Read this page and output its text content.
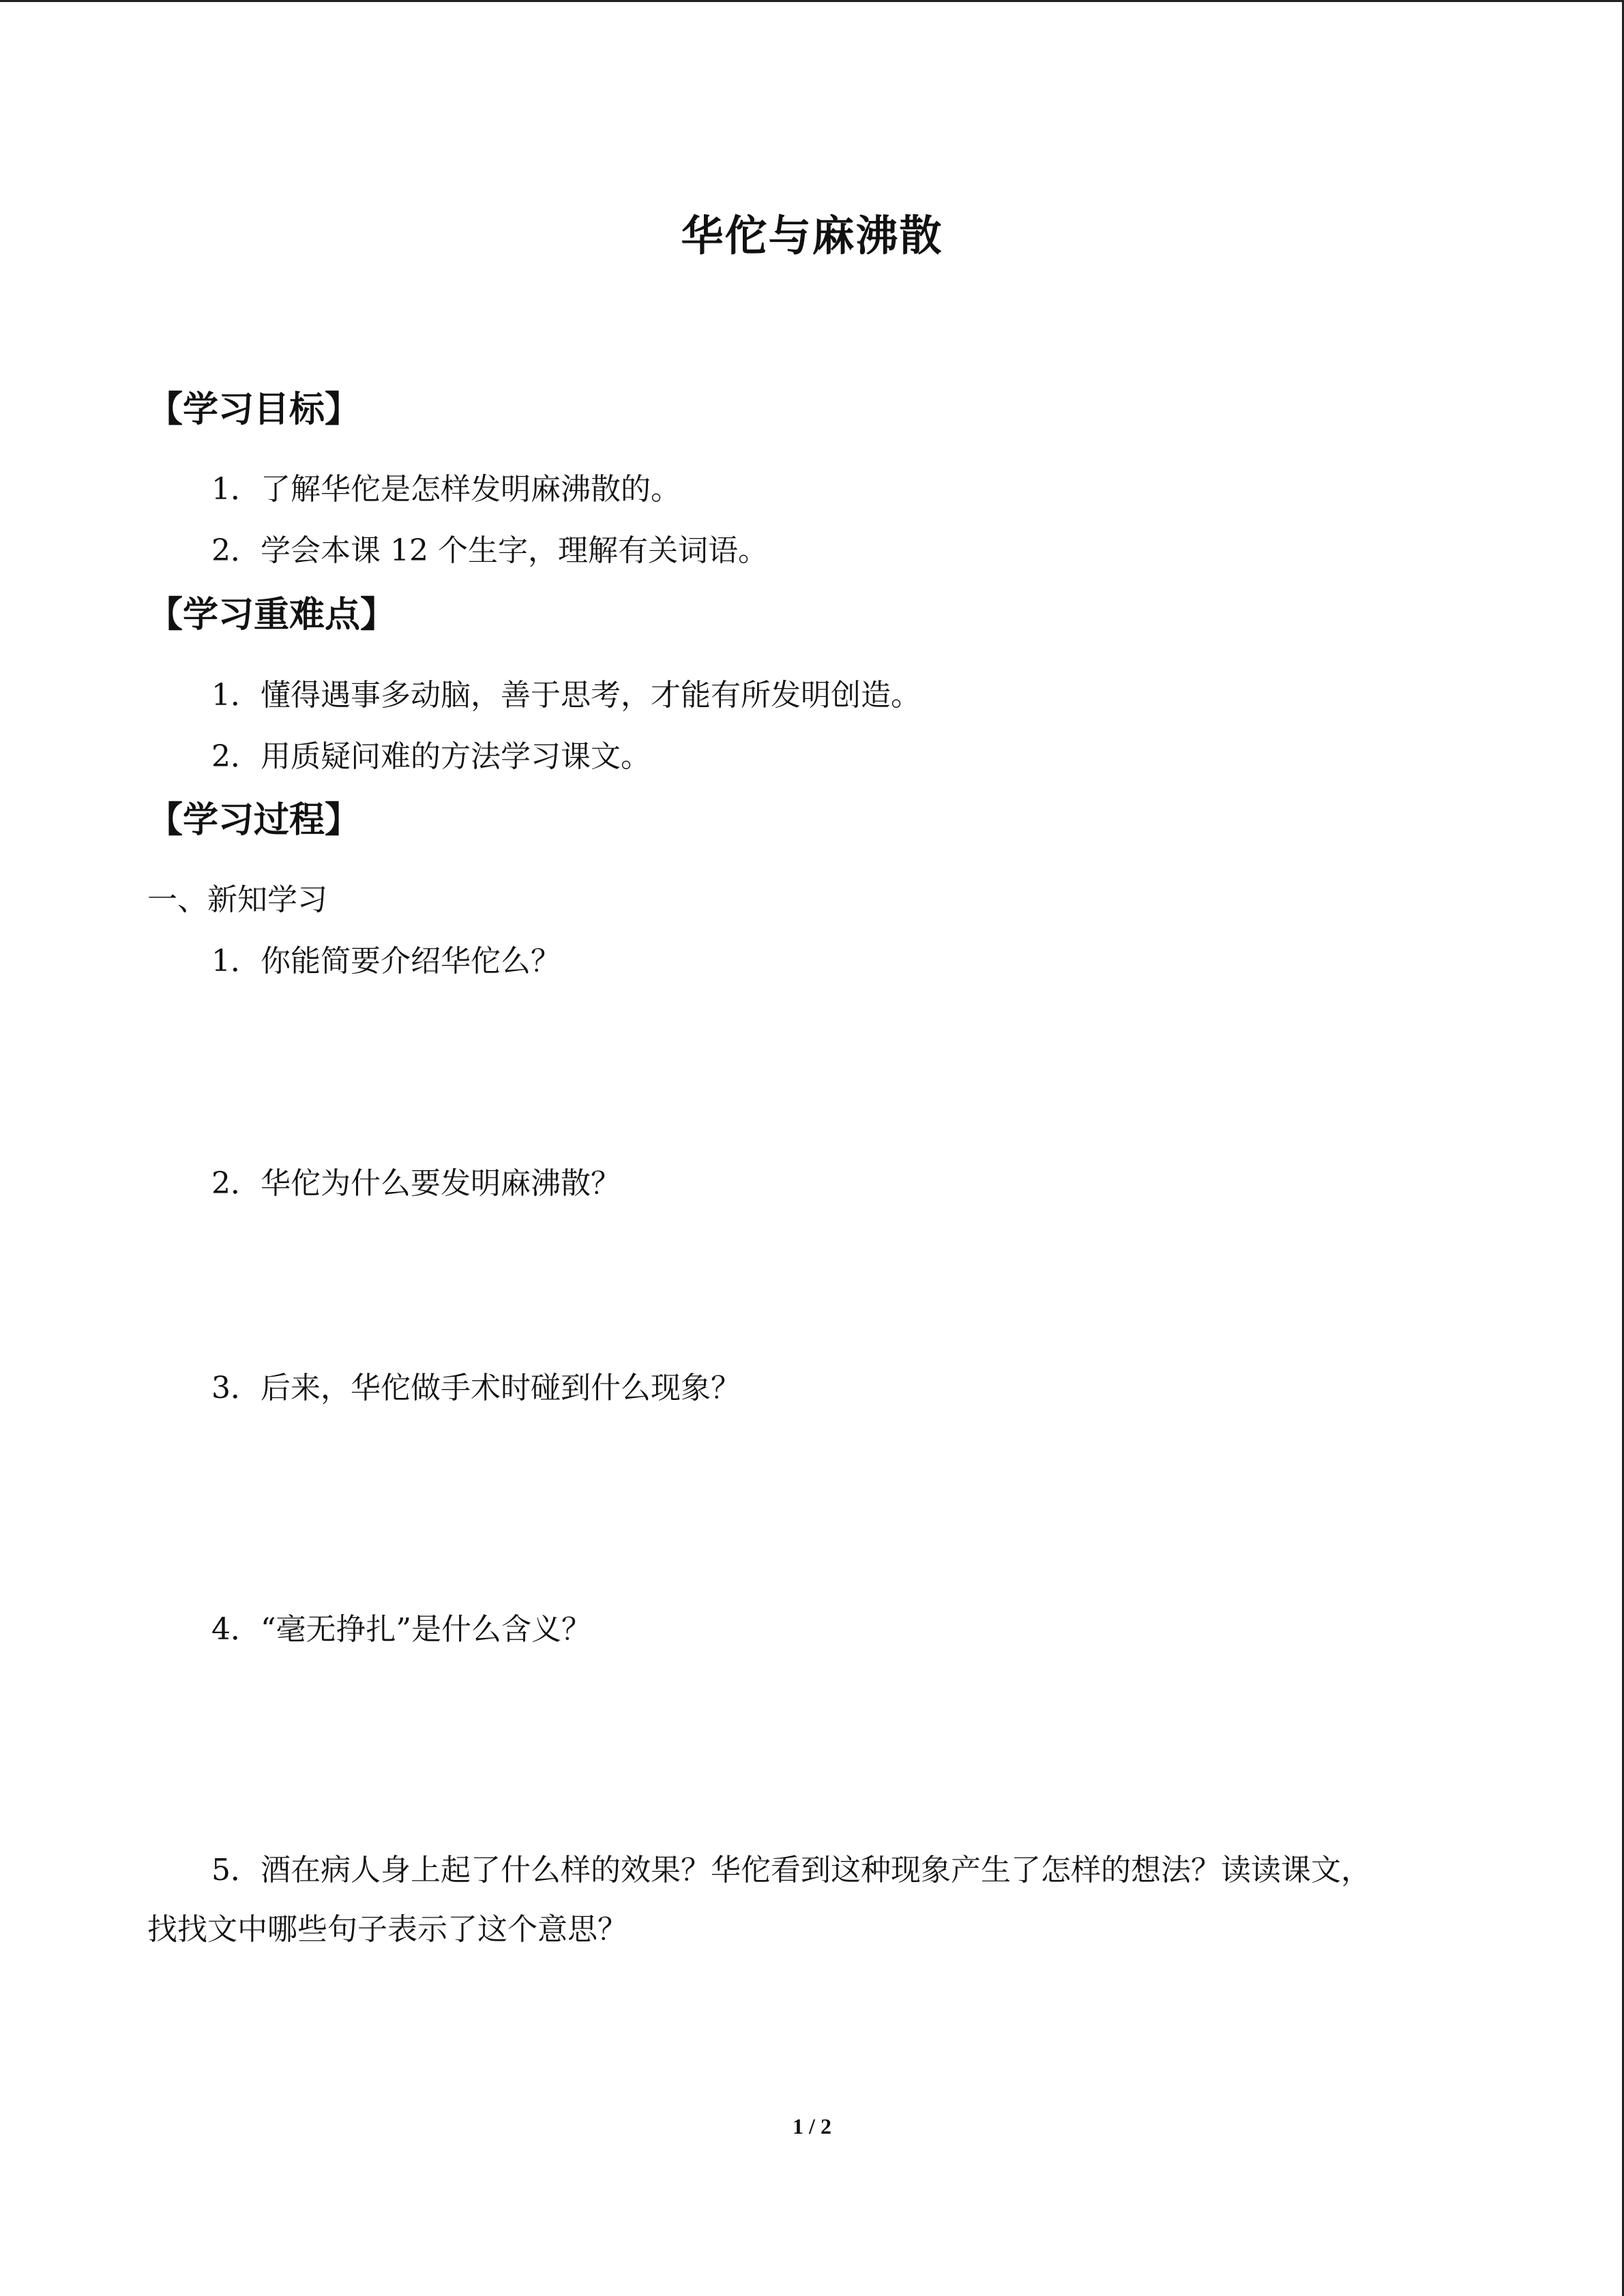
华佗与麻沸散
【学习目标】
1．了解华佗是怎样发明麻沸散的。
2．学会本课 12 个生字，理解有关词语。
【学习重难点】
1．懂得遇事多动脑，善于思考，才能有所发明创造。
2．用质疑问难的方法学习课文。
【学习过程】
一、新知学习
1．你能简要介绍华佗么？
2．华佗为什么要发明麻沸散？
3．后来，华佗做手术时碰到什么现象？
4．“毫无挣扎”是什么含义？
5．酒在病人身上起了什么样的效果？华佗看到这种现象产生了怎样的想法？读读课文，
找找文中哪些句子表示了这个意思？
1 / 2
